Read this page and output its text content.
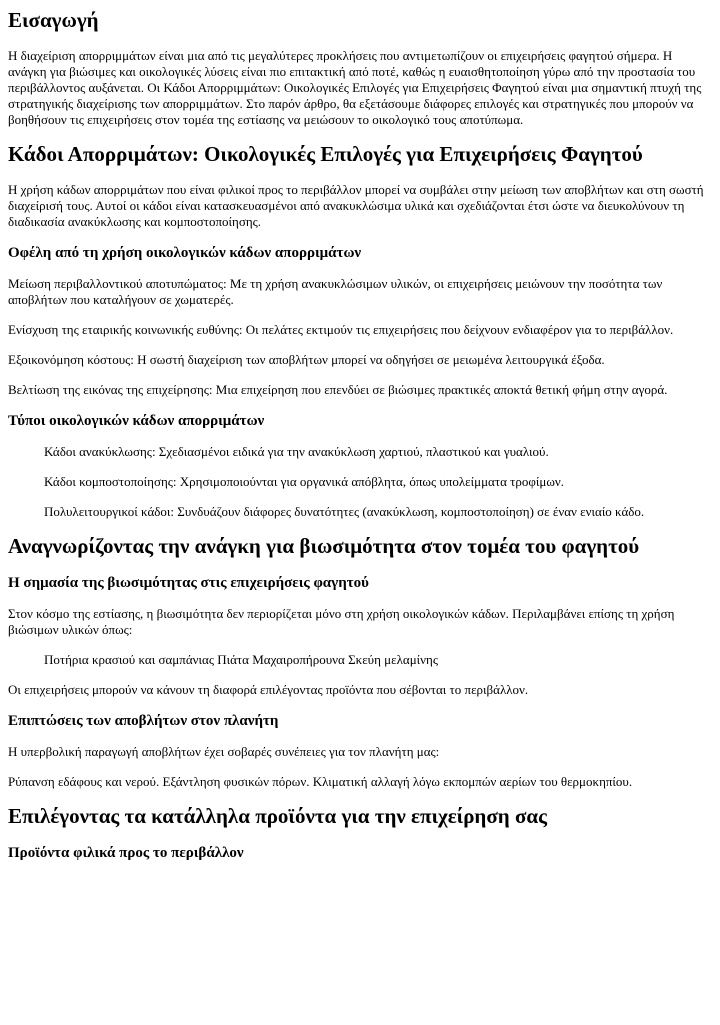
Εισαγωγή

Η διαχείριση απορριμμάτων είναι μια από τις μεγαλύτερες προκλήσεις που αντιμετωπίζουν οι επιχειρήσεις φαγητού σήμερα. Η ανάγκη για βιώσιμες και οικολογικές λύσεις είναι πιο επιτακτική από ποτέ, καθώς η ευαισθητοποίηση γύρω από την προστασία του περιβάλλοντος αυξάνεται. Οι Κάδοι Απορριμμάτων: Οικολογικές Επιλογές για Επιχειρήσεις Φαγητού είναι μια σημαντική πτυχή της στρατηγικής διαχείρισης των απορριμμάτων. Στο παρόν άρθρο, θα εξετάσουμε διάφορες επιλογές και στρατηγικές που μπορούν να βοηθήσουν τις επιχειρήσεις στον τομέα της εστίασης να μειώσουν το οικολογικό τους αποτύπωμα.

Κάδοι Απορριμάτων: Οικολογικές Επιλογές για Επιχειρήσεις Φαγητού

Η χρήση κάδων απορριμάτων που είναι φιλικοί προς το περιβάλλον μπορεί να συμβάλει στην μείωση των αποβλήτων και στη σωστή διαχείρισή τους. Αυτοί οι κάδοι είναι κατασκευασμένοι από ανακυκλώσιμα υλικά και σχεδιάζονται έτσι ώστε να διευκολύνουν τη διαδικασία ανακύκλωσης και κομποστοποίησης.

Οφέλη από τη χρήση οικολογικών κάδων απορριμάτων

Μείωση περιβαλλοντικού αποτυπώματος: Με τη χρήση ανακυκλώσιμων υλικών, οι επιχειρήσεις μειώνουν την ποσότητα των αποβλήτων που καταλήγουν σε χωματερές.

Ενίσχυση της εταιρικής κοινωνικής ευθύνης: Οι πελάτες εκτιμούν τις επιχειρήσεις που δείχνουν ενδιαφέρον για το περιβάλλον.

Εξοικονόμηση κόστους: Η σωστή διαχείριση των αποβλήτων μπορεί να οδηγήσει σε μειωμένα λειτουργικά έξοδα.

Βελτίωση της εικόνας της επιχείρησης: Μια επιχείρηση που επενδύει σε βιώσιμες πρακτικές αποκτά θετική φήμη στην αγορά.

Τύποι οικολογικών κάδων απορριμάτων
Κάδοι ανακύκλωσης: Σχεδιασμένοι ειδικά για την ανακύκλωση χαρτιού, πλαστικού και γυαλιού.
Κάδοι κομποστοποίησης: Χρησιμοποιούνται για οργανικά απόβλητα, όπως υπολείμματα τροφίμων.
Πολυλειτουργικοί κάδοι: Συνδυάζουν διάφορες δυνατότητες (ανακύκλωση, κομποστοποίηση) σε έναν ενιαίο κάδο.
Αναγνωρίζοντας την ανάγκη για βιωσιμότητα στον τομέα του φαγητού
Η σημασία της βιωσιμότητας στις επιχειρήσεις φαγητού

Στον κόσμο της εστίασης, η βιωσιμότητα δεν περιορίζεται μόνο στη χρήση οικολογικών κάδων. Περιλαμβάνει επίσης τη χρήση βιώσιμων υλικών όπως:

Ποτήρια κρασιού και σαμπάνιας Πιάτα Μαχαιροπήρουνα Σκεύη μελαμίνης

Οι επιχειρήσεις μπορούν να κάνουν τη διαφορά επιλέγοντας προϊόντα που σέβονται το περιβάλλον.

Επιπτώσεις των αποβλήτων στον πλανήτη

Η υπερβολική παραγωγή αποβλήτων έχει σοβαρές συνέπειες για τον πλανήτη μας:

Ρύπανση εδάφους και νερού. Εξάντληση φυσικών πόρων. Κλιματική αλλαγή λόγω εκπομπών αερίων του θερμοκηπίου.

Επιλέγοντας τα κατάλληλα προϊόντα για την επιχείρηση σας
Προϊόντα φιλικά προς το περιβάλλον
